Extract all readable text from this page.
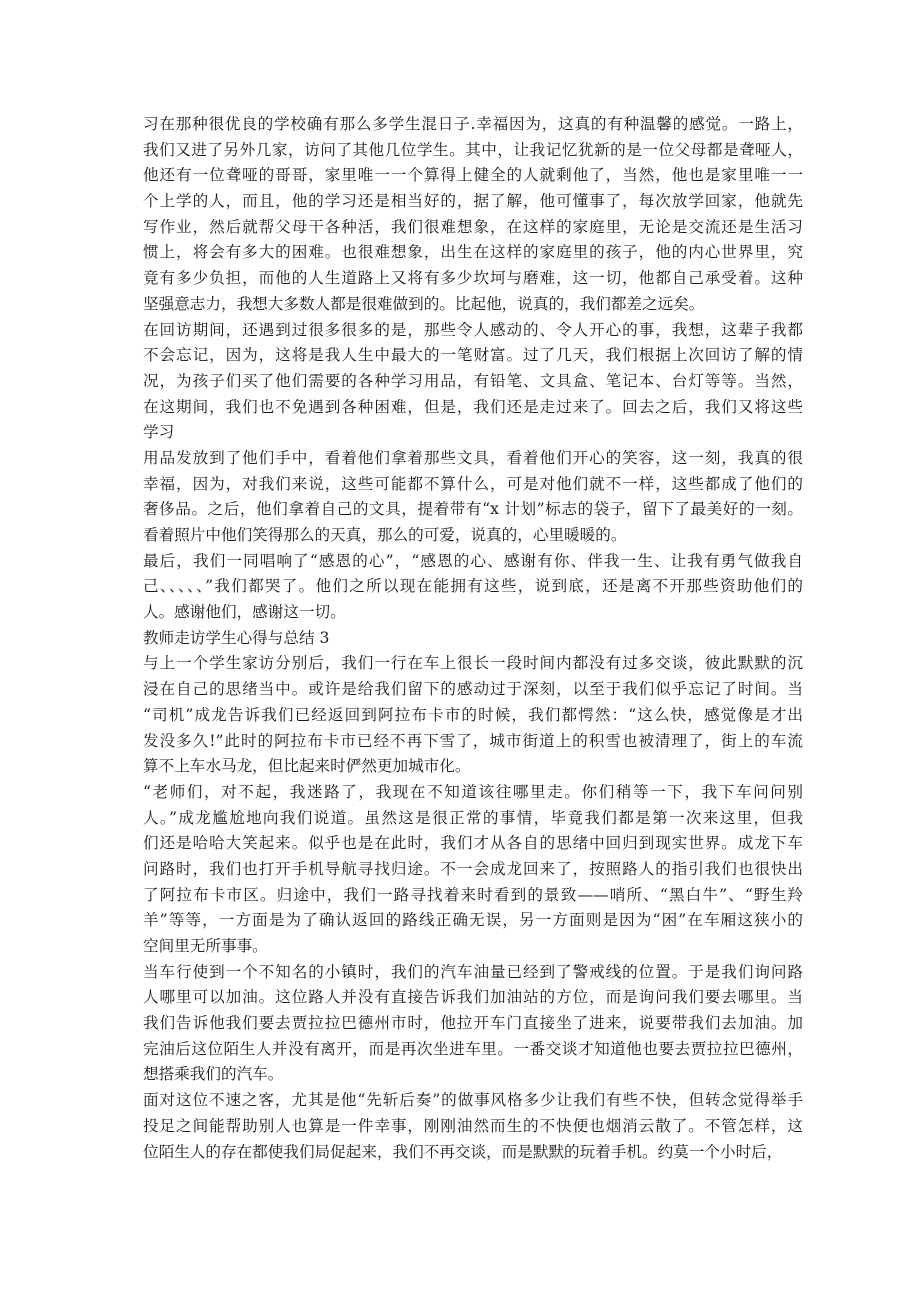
习在那种很优良的学校确有那么多学生混日子.幸福因为，这真的有种温馨的感觉。一路上，
我们又进了另外几家，访问了其他几位学生。其中，让我记忆犹新的是一位父母都是聋哑人，
他还有一位聋哑的哥哥，家里唯一一个算得上健全的人就剩他了，当然，他也是家里唯一一
个上学的人，而且，他的学习还是相当好的，据了解，他可懂事了，每次放学回家，他就先
写作业，然后就帮父母干各种活，我们很难想象，在这样的家庭里，无论是交流还是生活习
惯上，将会有多大的困难。也很难想象，出生在这样的家庭里的孩子，他的内心世界里，究
竟有多少负担，而他的人生道路上又将有多少坎坷与磨难，这一切，他都自己承受着。这种
坚强意志力，我想大多数人都是很难做到的。比起他，说真的，我们都差之远矣。
在回访期间，还遇到过很多很多的是，那些令人感动的、令人开心的事，我想，这辈子我都
不会忘记，因为，这将是我人生中最大的一笔财富。过了几天，我们根据上次回访了解的情
况，为孩子们买了他们需要的各种学习用品，有铅笔、文具盒、笔记本、台灯等等。当然，
在这期间，我们也不免遇到各种困难，但是，我们还是走过来了。回去之后，我们又将这些
学习
用品发放到了他们手中，看着他们拿着那些文具，看着他们开心的笑容，这一刻，我真的很
幸福，因为，对我们来说，这些可能都不算什么，可是对他们就不一样，这些都成了他们的
奢侈品。之后，他们拿着自己的文具，提着带有“x 计划”标志的袋子，留下了最美好的一刻。
看着照片中他们笑得那么的天真，那么的可爱，说真的，心里暖暖的。
最后，我们一同唱响了“感恩的心”，“感恩的心、感谢有你、伴我一生、让我有勇气做我自
己、、、、、”我们都哭了。他们之所以现在能拥有这些，说到底，还是离不开那些资助他们的
人。感谢他们，感谢这一切。
教师走访学生心得与总结 3
与上一个学生家访分别后，我们一行在车上很长一段时间内都没有过多交谈，彼此默默的沉
浸在自己的思绪当中。或许是给我们留下的感动过于深刻，以至于我们似乎忘记了时间。当
“司机”成龙告诉我们已经返回到阿拉布卡市的时候，我们都愕然：“这么快，感觉像是才出
发没多久!”此时的阿拉布卡市已经不再下雪了，城市街道上的积雪也被清理了，街上的车流
算不上车水马龙，但比起来时俨然更加城市化。
“老师们，对不起，我迷路了，我现在不知道该往哪里走。你们稍等一下，我下车问问别
人。”成龙尴尬地向我们说道。虽然这是很正常的事情，毕竟我们都是第一次来这里，但我
们还是哈哈大笑起来。似乎也是在此时，我们才从各自的思绪中回归到现实世界。成龙下车
问路时，我们也打开手机导航寻找归途。不一会成龙回来了，按照路人的指引我们也很快出
了阿拉布卡市区。归途中，我们一路寻找着来时看到的景致——哨所、“黑白牛”、“野生羚
羊”等等，一方面是为了确认返回的路线正确无误，另一方面则是因为“困”在车厢这狭小的
空间里无所事事。
当车行使到一个不知名的小镇时，我们的汽车油量已经到了警戒线的位置。于是我们询问路
人哪里可以加油。这位路人并没有直接告诉我们加油站的方位，而是询问我们要去哪里。当
我们告诉他我们要去贾拉拉巴德州市时，他拉开车门直接坐了进来，说要带我们去加油。加
完油后这位陌生人并没有离开，而是再次坐进车里。一番交谈才知道他也要去贾拉拉巴德州，
想搭乘我们的汽车。
面对这位不速之客，尤其是他“先斩后奏”的做事风格多少让我们有些不快，但转念觉得举手
投足之间能帮助别人也算是一件幸事，刚刚油然而生的不快便也烟消云散了。不管怎样，这
位陌生人的存在都使我们局促起来，我们不再交谈，而是默默的玩着手机。约莫一个小时后，
